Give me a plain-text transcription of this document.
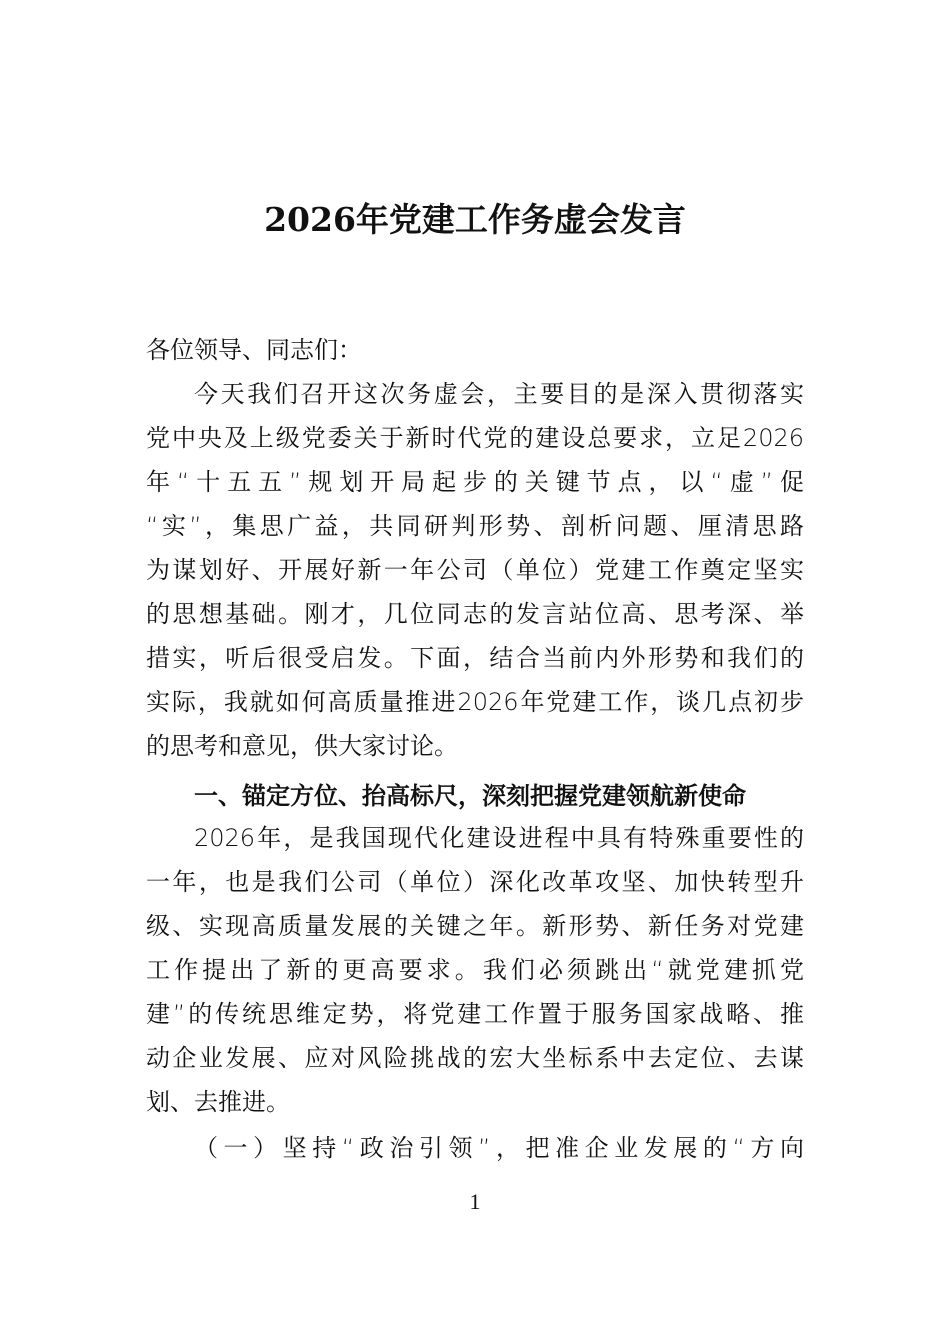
2026年党建工作务虚会发言
各位领导、同志们：
今天我们召开这次务虚会，主要目的是深入贯彻落实
党中央及上级党委关于新时代党的建设总要求，立足2026
年“十五五”规划开局起步的关键节点，以“虚”促
“实”，集思广益，共同研判形势、剖析问题、厘清思路
为谋划好、开展好新一年公司（单位）党建工作奠定坚实
的思想基础。刚才，几位同志的发言站位高、思考深、举
措实，听后很受启发。下面，结合当前内外形势和我们的
实际，我就如何高质量推进2026年党建工作，谈几点初步
的思考和意见，供大家讨论。
一、锚定方位、抬高标尺，深刻把握党建领航新使命
2026年，是我国现代化建设进程中具有特殊重要性的
一年，也是我们公司（单位）深化改革攻坚、加快转型升
级、实现高质量发展的关键之年。新形势、新任务对党建
工作提出了新的更高要求。我们必须跳出“就党建抓党
建”的传统思维定势，将党建工作置于服务国家战略、推
动企业发展、应对风险挑战的宏大坐标系中去定位、去谋
划、去推进。
（一）坚持“政治引领”，把准企业发展的“方向
1
